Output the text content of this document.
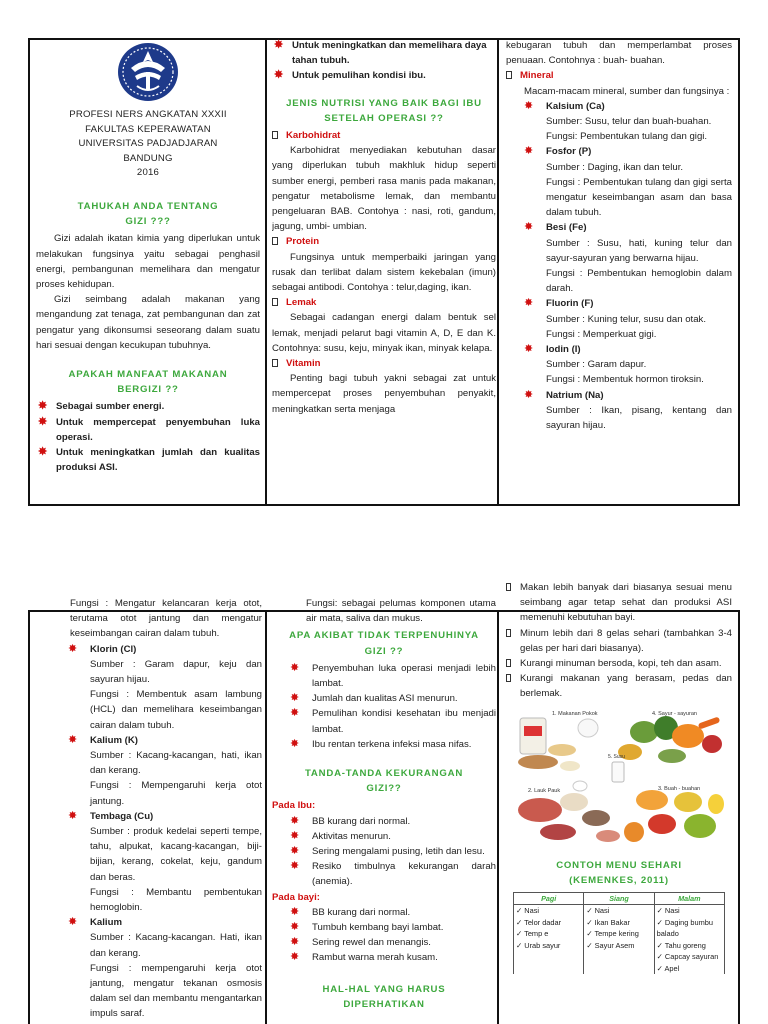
PROFESI NERS ANGKATAN XXXII
FAKULTAS KEPERAWATAN
UNIVERSITAS PADJADJARAN
BANDUNG
2016
TAHUKAH ANDA TENTANG
GIZI ???

Gizi adalah ikatan kimia yang diperlukan untuk melakukan fungsinya yaitu sebagai penghasil energi, pembangunan memelihara dan mengatur proses kehidupan.

Gizi seimbang adalah makanan yang mengandung zat tenaga, zat pembangunan dan zat pengatur yang dikonsumsi seseorang dalam suatu hari sesuai dengan kecukupan tubuhnya.

APAKAH MANFAAT MAKANAN
BERGIZI ??
✸ Sebagai sumber energi.
✸ Untuk mempercepat penyembuhan luka operasi.
✸ Untuk meningkatkan jumlah dan kualitas produksi ASI.
✸ Untuk meningkatkan dan memelihara daya tahan tubuh.
✸ Untuk pemulihan kondisi ibu.
JENIS NUTRISI YANG BAIK BAGI IBU
SETELAH OPERASI ??
Karbohidrat

Karbohidrat menyediakan kebutuhan dasar yang diperlukan tubuh makhluk hidup seperti sumber energi, pemberi rasa manis pada makanan, pengatur metabolisme lemak, dan membantu pengeluaran BAB. Contohya : nasi, roti, gandum, jagung, umbi- umbian.

Protein

Fungsinya untuk memperbaiki jaringan yang rusak dan terlibat dalam sistem kekebalan (imun) sebagai antibodi. Contohya : telur,daging, ikan.

Lemak

Sebagai cadangan energi dalam bentuk sel lemak, menjadi pelarut bagi vitamin A, D, E dan K. Contohnya: susu, keju, minyak ikan, minyak kelapa.

Vitamin

Penting bagi tubuh yakni sebagai zat untuk mempercepat proses penyembuhan penyakit, meningkatkan serta menjaga

kebugaran tubuh dan memperlambat proses penuaan. Contohnya : buah- buahan.

Mineral

Macam-macam mineral, sumber dan fungsinya :

✸ Kalsium (Ca)
Sumber: Susu, telur dan buah-buahan.
Fungsi: Pembentukan tulang dan gigi.
✸ Fosfor (P)
Sumber : Daging, ikan dan telur.
Fungsi : Pembentukan tulang dan gigi serta mengatur keseimbangan asam dan basa dalam tubuh.
✸ Besi (Fe)
Sumber : Susu, hati, kuning telur dan sayur-sayuran yang berwarna hijau.
Fungsi : Pembentukan hemoglobin dalam darah.
✸ Fluorin (F)
Sumber : Kuning telur, susu dan otak.
Fungsi : Memperkuat gigi.
✸ Iodin (I)
Sumber : Garam dapur.
Fungsi : Membentuk hormon tiroksin.
✸ Natrium (Na)
Sumber : Ikan, pisang, kentang dan sayuran hijau.

Fungsi : Mengatur kelancaran kerja otot, terutama otot jantung dan mengatur keseimbangan cairan dalam tubuh.

✸ Klorin (Cl)
Sumber : Garam dapur, keju dan sayuran hijau.
Fungsi : Membentuk asam lambung (HCL) dan memelihara keseimbangan cairan dalam tubuh.
✸ Kalium (K)
Sumber : Kacang-kacangan, hati, ikan dan kerang.
Fungsi : Mempengaruhi kerja otot jantung.
✸ Tembaga (Cu)
Sumber : produk kedelai seperti tempe, tahu, alpukat, kacang-kacangan, biji-bijian, kerang, cokelat, keju, gandum dan beras.
Fungsi : Membantu pembentukan hemoglobin.
✸ Kalium
Sumber : Kacang-kacangan. Hati, ikan dan kerang.
Fungsi : mempengaruhi kerja otot jantung, mengatur tekanan osmosis dalam sel dan membantu mengantarkan impuls saraf.

Fungsi: sebagai pelumas komponen utama air mata, saliva dan mukus.

APA AKIBAT TIDAK TERPENUHINYA
GIZI ??
✸ Penyembuhan luka operasi menjadi lebih lambat.
✸ Jumlah dan kualitas ASI menurun.
✸ Pemulihan kondisi kesehatan ibu menjadi lambat.
✸ Ibu rentan terkena infeksi masa nifas.
TANDA-TANDA KEKURANGAN
GIZI??
Pada Ibu:
✸ BB kurang dari normal.
✸ Aktivitas menurun.
✸ Sering mengalami pusing, letih dan lesu.
✸ Resiko timbulnya kekurangan darah (anemia).
Pada bayi:
✸ BB kurang dari normal.
✸ Tumbuh kembang bayi lambat.
✸ Sering rewel dan menangis.
✸ Rambut warna merah kusam.
HAL-HAL YANG HARUS
DIPERHATIKAN
Makan lebih banyak dari biasanya sesuai menu seimbang agar tetap sehat dan produksi ASI memenuhi kebutuhan bayi.
Minum lebih dari 8 gelas sehari (tambahkan 3-4 gelas per hari dari biasanya).
Kurangi minuman bersoda, kopi, teh dan asam.
Kurangi makanan yang berasam, pedas dan berlemak.
1. Makanan Pokok	4. Sayur - sayuran
5. Susu
2. Lauk Pauk	3. Buah - buahan
CONTOH MENU SEHARI
(KEMENKES, 2011)
Pagi	Siang	Malam

✓ Nasi
✓ Telor dadar
✓ Temp e
✓ Urab sayur	✓ Nasi
✓ Ikan Bakar
✓ Tempe kering
✓ Sayur Asem	✓ Nasi
✓ Daging bumbu balado
✓ Tahu goreng
✓ Capcay sayuran
✓ Apel
